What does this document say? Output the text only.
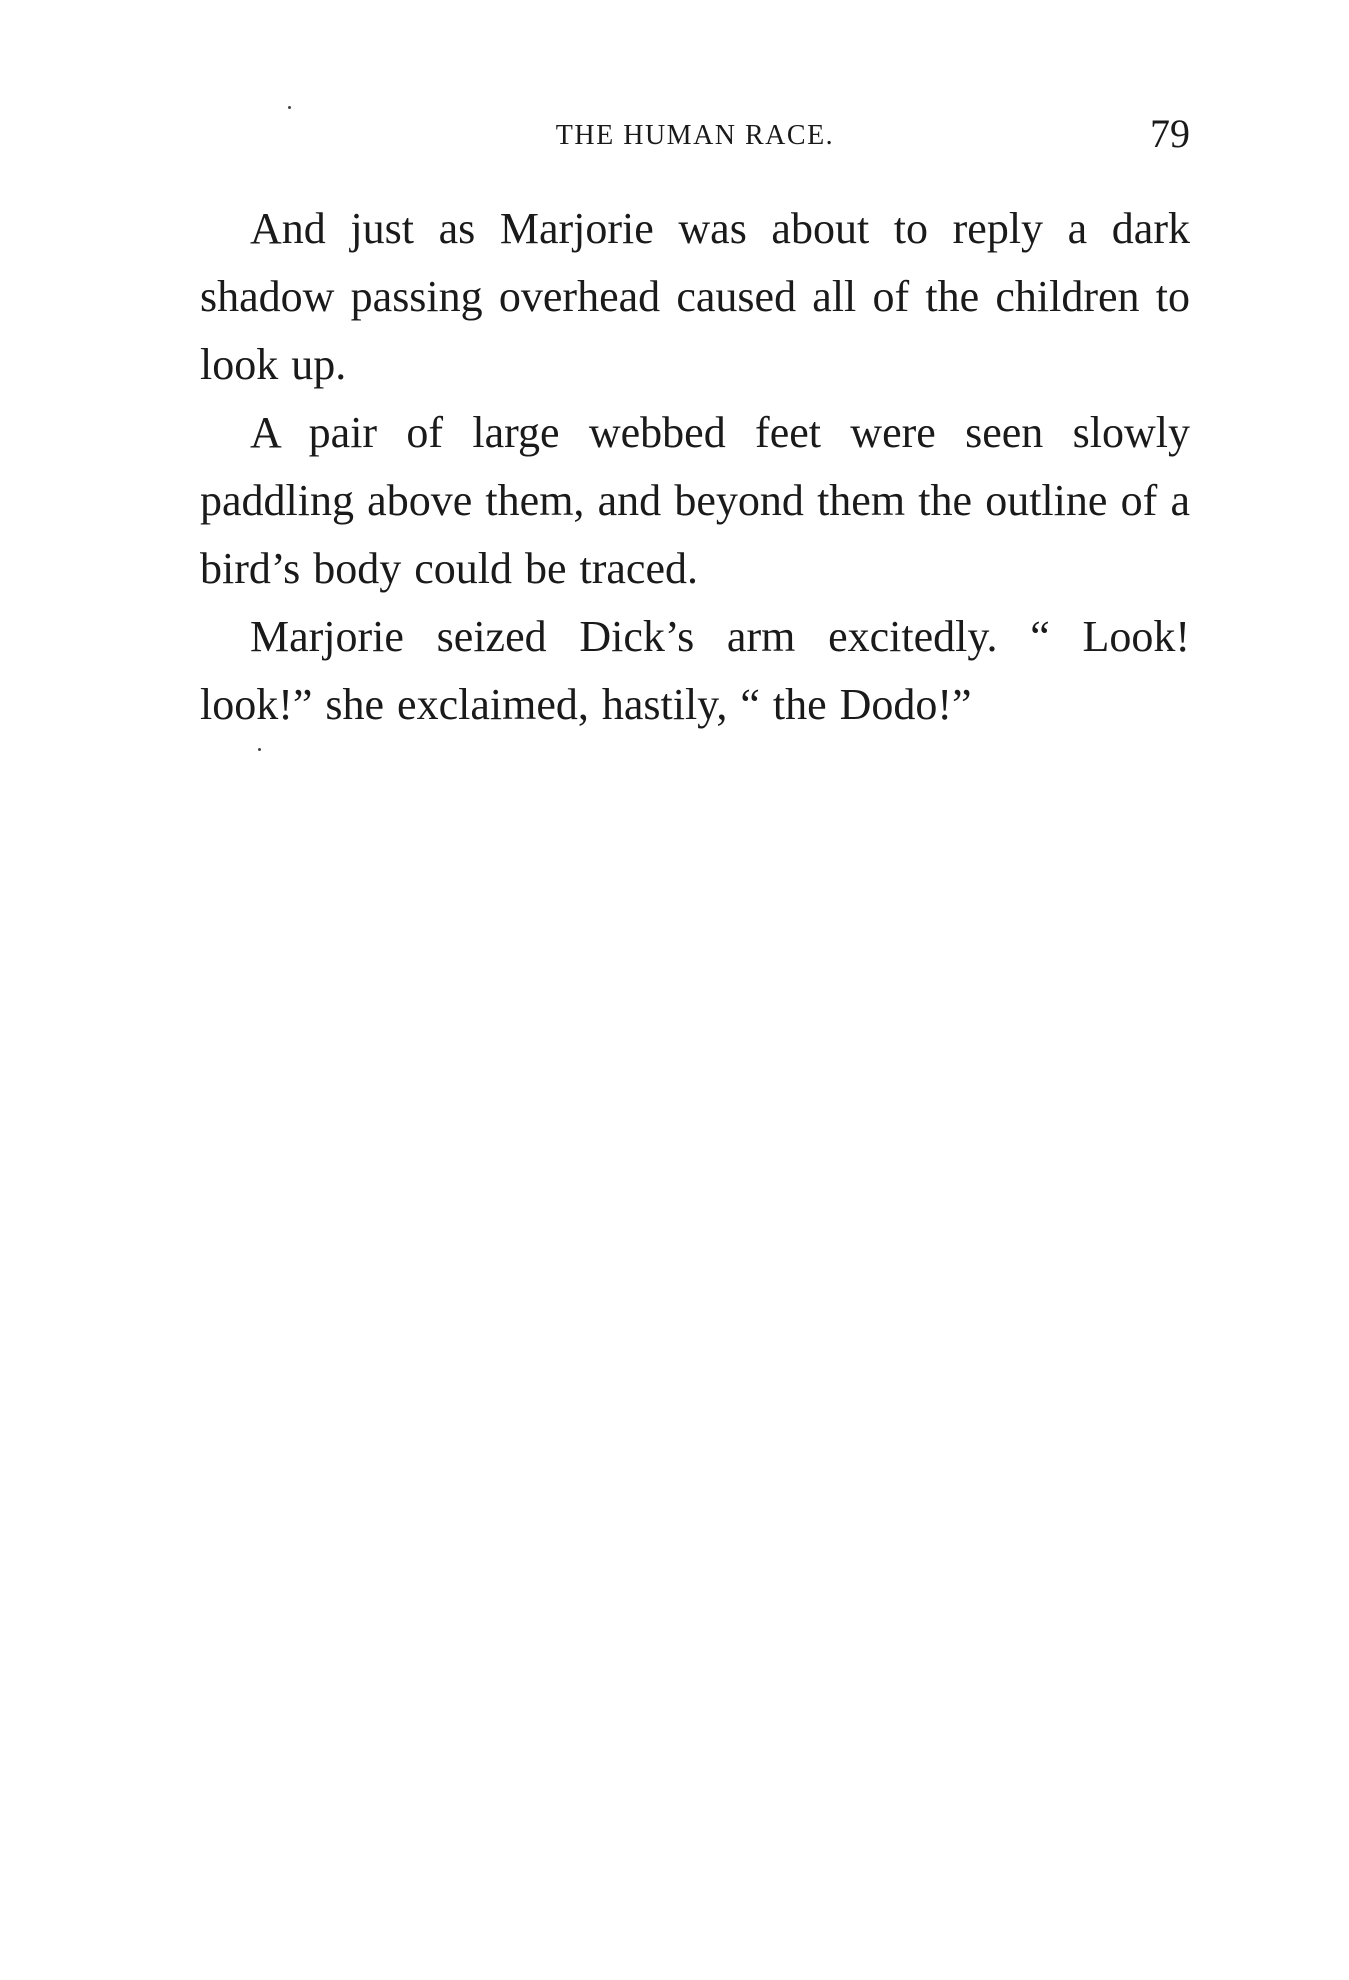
THE HUMAN RACE.	79

And just as Marjorie was about to reply a dark shadow passing overhead caused all of the children to look up.

A pair of large webbed feet were seen slowly paddling above them, and beyond them the outline of a bird’s body could be traced.

Marjorie seized Dick’s arm excitedly. “ Look! look!” she exclaimed, hastily, “ the Dodo!”
